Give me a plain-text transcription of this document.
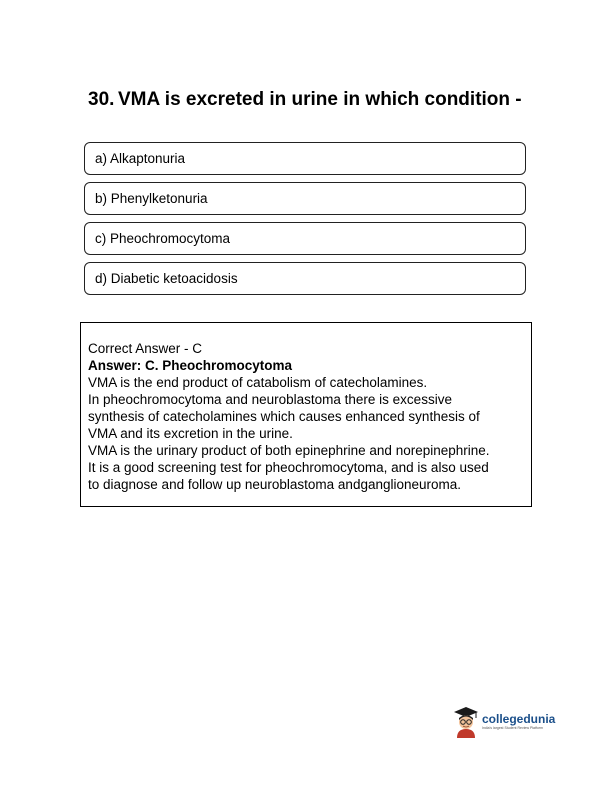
30. VMA is excreted in urine in which condition -
a) Alkaptonuria
b) Phenylketonuria
c) Pheochromocytoma
d) Diabetic ketoacidosis
Correct Answer - C
Answer: C. Pheochromocytoma
VMA is the end product of catabolism of catecholamines.
In pheochromocytoma and neuroblastoma there is excessive
synthesis of catecholamines which causes enhanced synthesis of
VMA and its excretion in the urine.
VMA is the urinary product of both epinephrine and norepinephrine.
It is a good screening test for pheochromocytoma, and is also used
to diagnose and follow up neuroblastoma andganglioneuroma.
collegedunia
India's largest Student Review Platform
